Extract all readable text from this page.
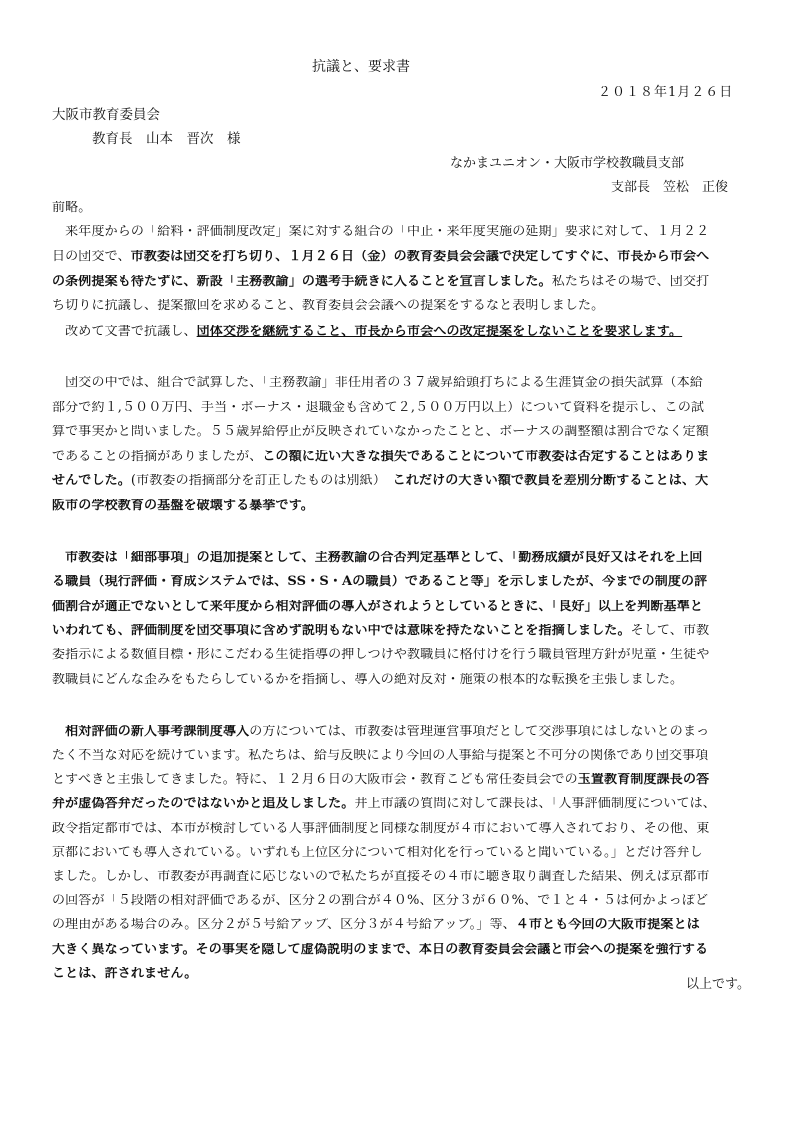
抗議と、要求書
２０１８年1月２６日
大阪市教育委員会
教育長　山本　晋次　様
なかまユニオン・大阪市学校教職員支部
支部長　笠松　正俊
前略。
　来年度からの「給料・評価制度改定」案に対する組合の「中止・来年度実施の延期」要求に対して、１月２２
日の団交で、市教委は団交を打ち切り、１月２６日（金）の教育委員会会議で決定してすぐに、市長から市会へ
の条例提案も待たずに、新設「主務教諭」の選考手続きに入ることを宣言しました。私たちはその場で、団交打
ち切りに抗議し、提案撤回を求めること、教育委員会会議への提案をするなと表明しました。
　改めて文書で抗議し、団体交渉を継続すること、市長から市会への改定提案をしないことを要求します。
　団交の中では、組合で試算した、「主務教諭」非任用者の３７歳昇給頭打ちによる生涯賃金の損失試算（本給
部分で約１,５００万円、手当・ボーナス・退職金も含めて２,５００万円以上）について資料を提示し、この試
算で事実かと問いました。５５歳昇給停止が反映されていなかったことと、ボーナスの調整額は割合でなく定額
であることの指摘がありましたが、この額に近い大きな損失であることについて市教委は否定することはありま
せんでした。(市教委の指摘部分を訂正したものは別紙）　これだけの大きい額で教員を差別分断することは、大
阪市の学校教育の基盤を破壊する暴挙です。
　市教委は「細部事項」の追加提案として、主務教諭の合否判定基準として、「勤務成績が良好又はそれを上回
る職員（現行評価・育成システムでは、SS・S・Aの職員）であること等」を示しましたが、今までの制度の評
価割合が適正でないとして来年度から相対評価の導入がされようとしているときに、「良好」以上を判断基準と
いわれても、評価制度を団交事項に含めず説明もない中では意味を持たないことを指摘しました。そして、市教
委指示による数値目標・形にこだわる生徒指導の押しつけや教職員に格付けを行う職員管理方針が児童・生徒や
教職員にどんな歪みをもたらしているかを指摘し、導入の絶対反対・施策の根本的な転換を主張しました。
　相対評価の新人事考課制度導入の方については、市教委は管理運営事項だとして交渉事項にはしないとのまっ
たく不当な対応を続けています。私たちは、給与反映により今回の人事給与提案と不可分の関係であり団交事項
とすべきと主張してきました。特に、１２月６日の大阪市会・教育こども常任委員会での玉置教育制度課長の答
弁が虚偽答弁だったのではないかと追及しました。井上市議の質問に対して課長は、「人事評価制度については、
政令指定都市では、本市が検討している人事評価制度と同様な制度が４市において導入されており、その他、東
京都においても導入されている。いずれも上位区分について相対化を行っていると聞いている。」とだけ答弁し
ました。しかし、市教委が再調査に応じないので私たちが直接その４市に聴き取り調査した結果、例えば京都市
の回答が「５段階の相対評価であるが、区分２の割合が４０%、区分３が６０%、で１と４・５は何かよっぽど
の理由がある場合のみ。区分２が５号給アップ、区分３が４号給アップ。」等、４市とも今回の大阪市提案とは
大きく異なっています。その事実を隠して虚偽説明のままで、本日の教育委員会会議と市会への提案を強行する
ことは、許されません。
以上です。
